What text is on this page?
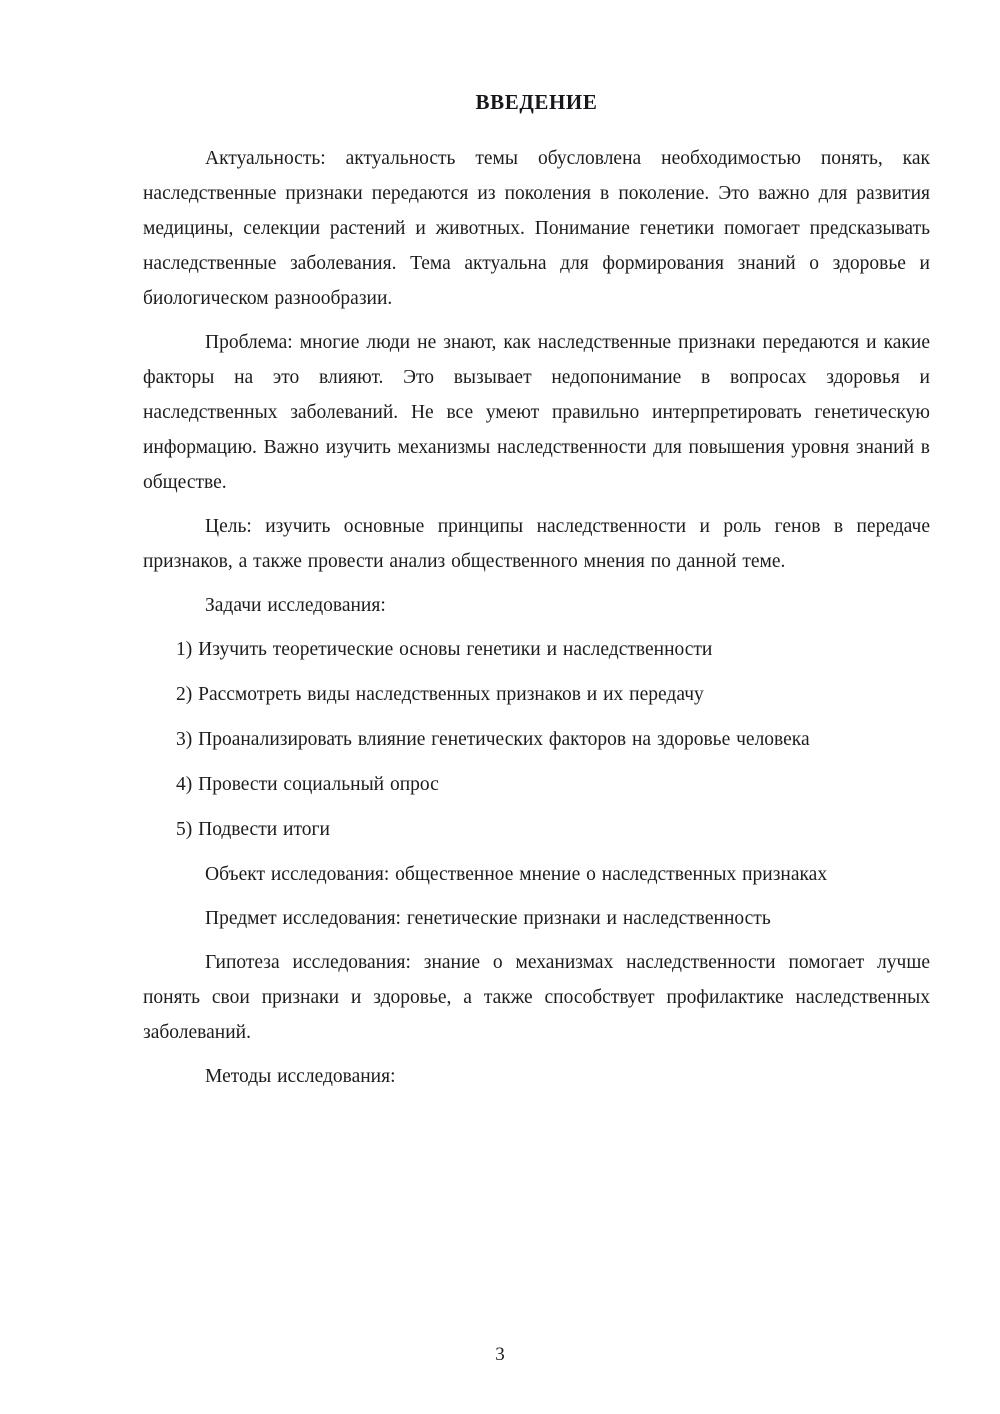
ВВЕДЕНИЕ

Актуальность: актуальность темы обусловлена необходимостью понять, как наследственные признаки передаются из поколения в поколение. Это важно для развития медицины, селекции растений и животных. Понимание генетики помогает предсказывать наследственные заболевания. Тема актуальна для формирования знаний о здоровье и биологическом разнообразии.

Проблема: многие люди не знают, как наследственные признаки передаются и какие факторы на это влияют. Это вызывает недопонимание в вопросах здоровья и наследственных заболеваний. Не все умеют правильно интерпретировать генетическую информацию. Важно изучить механизмы наследственности для повышения уровня знаний в обществе.

Цель: изучить основные принципы наследственности и роль генов в передаче признаков, а также провести анализ общественного мнения по данной теме.

Задачи исследования:

1) Изучить теоретические основы генетики и наследственности

2) Рассмотреть виды наследственных признаков и их передачу

3) Проанализировать влияние генетических факторов на здоровье человека

4) Провести социальный опрос

5) Подвести итоги

Объект исследования: общественное мнение о наследственных признаках

Предмет исследования: генетические признаки и наследственность

Гипотеза исследования: знание о механизмах наследственности помогает лучше понять свои признаки и здоровье, а также способствует профилактике наследственных заболеваний.

Методы исследования:

3
